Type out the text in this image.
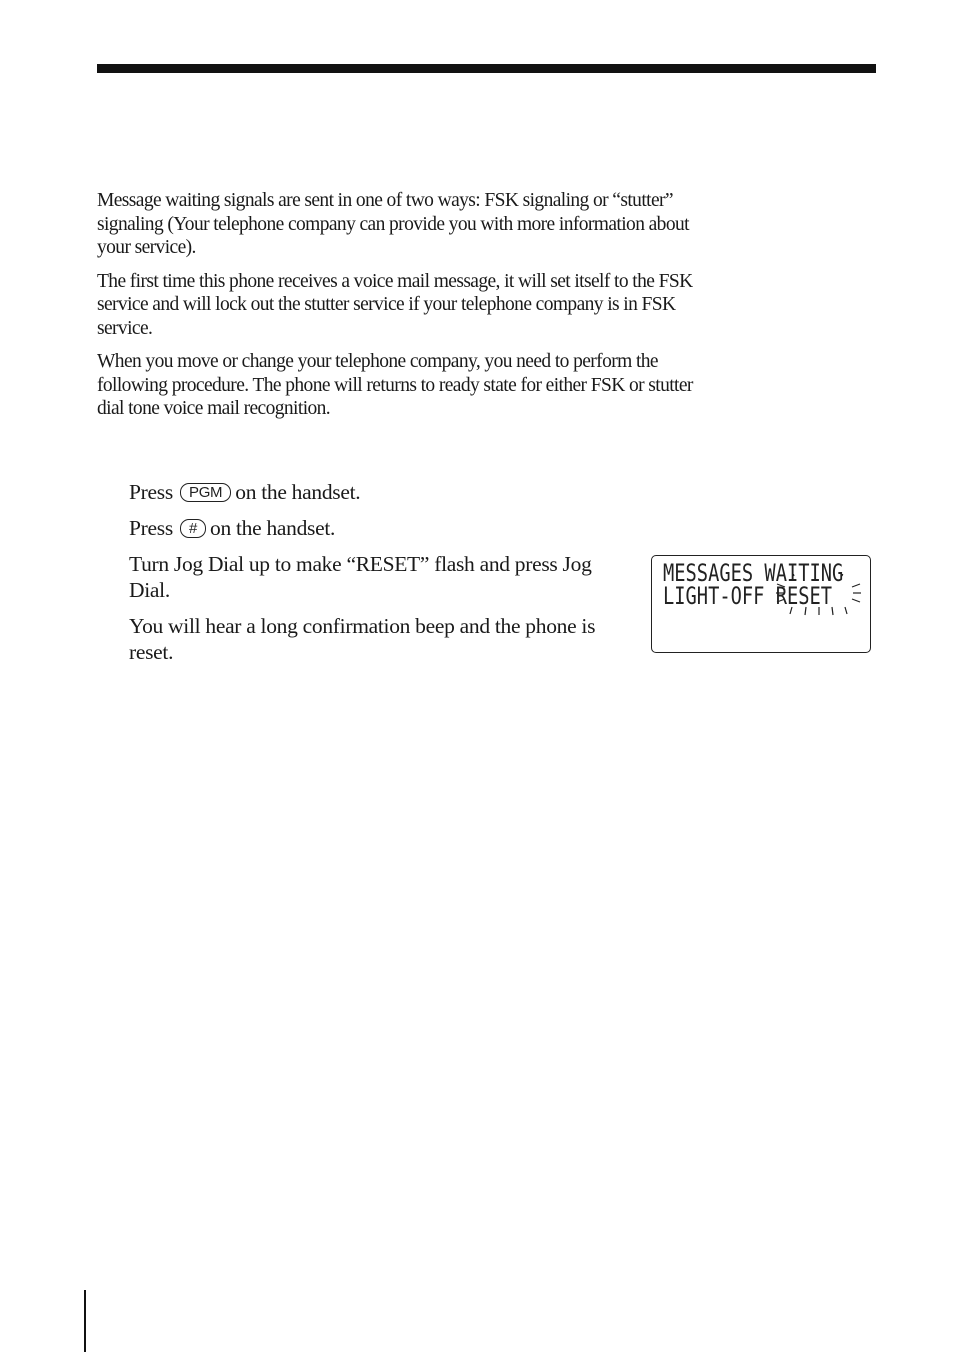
Message waiting signals are sent in one of two ways: FSK signaling or “stutter” signaling (Your telephone company can provide you with more information about your service).

The first time this phone receives a voice mail message, it will set itself to the FSK service and will lock out the stutter service if your telephone company is in FSK service.

When you move or change your telephone company, you need to perform the following procedure. The phone will returns to ready state for either FSK or stutter dial tone voice mail recognition.

Press PGM on the handset.
Press # on the handset.
Turn Jog Dial up to make “RESET” flash and press Jog Dial.
You will hear a long confirmation beep and the phone is reset.
MESSAGES WAITING
LIGHT-OFF RESET
